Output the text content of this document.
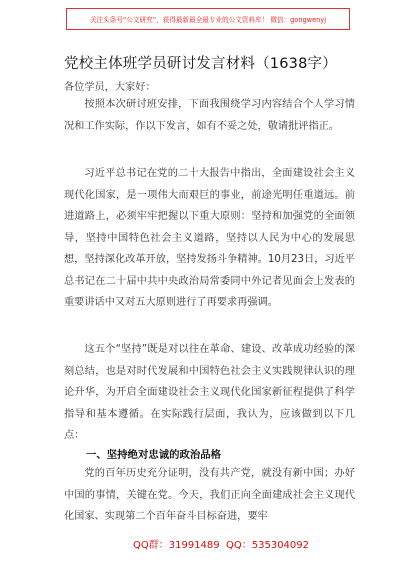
关注头条号“公文研究”，获得最新最全最专业的公文资料库！ 微信：gongwenyj
党校主体班学员研讨发言材料（1638字）
各位学员，大家好：

按照本次研讨班安排，下面我围绕学习内容结合个人学习情况和工作实际，作以下发言，如有不妥之处，敬请批评指正。

习近平总书记在党的二十大报告中指出，全面建设社会主义现代化国家，是一项伟大而艰巨的事业，前途光明任重道远。前进道路上，必须牢牢把握以下重大原则：坚持和加强党的全面领导，坚持中国特色社会主义道路，坚持以人民为中心的发展思想，坚持深化改革开放，坚持发扬斗争精神。10月23日，习近平总书记在二十届中共中央政治局常委同中外记者见面会上发表的重要讲话中又对五大原则进行了再要求再强调。

这五个“坚持”既是对以往在革命、建设、改革成功经验的深刻总结，也是对时代发展和中国特色社会主义实践规律认识的理论升华，为开启全面建设社会主义现代化国家新征程提供了科学指导和基本遵循。在实际践行层面，我认为，应该做到以下几点：

一、坚持绝对忠诚的政治品格

党的百年历史充分证明，没有共产党，就没有新中国；办好中国的事情，关键在党。今天，我们正向全面建成社会主义现代化国家、实现第二个百年奋斗目标奋进，要牢

QQ群：31991489 QQ：535304092
